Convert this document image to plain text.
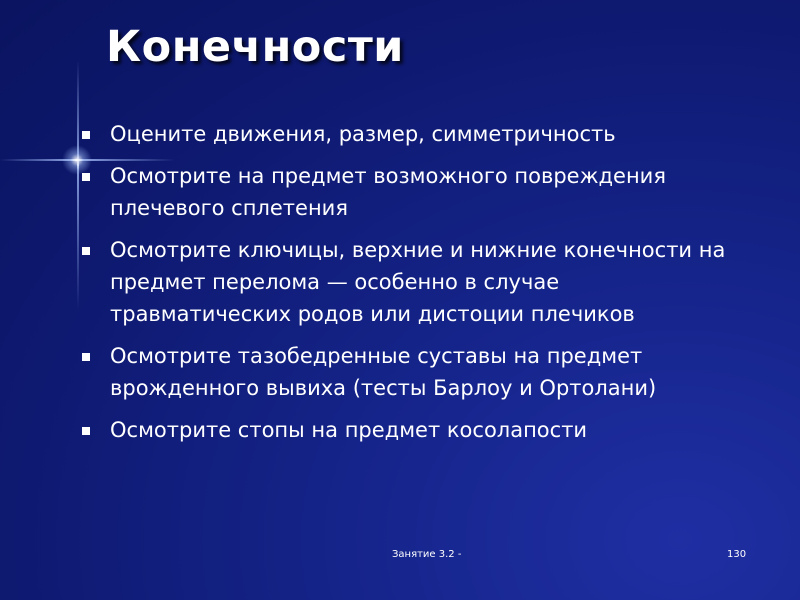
Конечности
Оцените движения, размер, симметричность
Осмотрите на предмет возможного повреждения плечевого сплетения
Осмотрите ключицы, верхние и нижние конечности на предмет перелома — особенно в случае травматических родов или дистоции плечиков
Осмотрите тазобедренные суставы на предмет врожденного вывиха (тесты Барлоу и Ортолани)
Осмотрите стопы на предмет косолапости
Занятие 3.2 -	130
